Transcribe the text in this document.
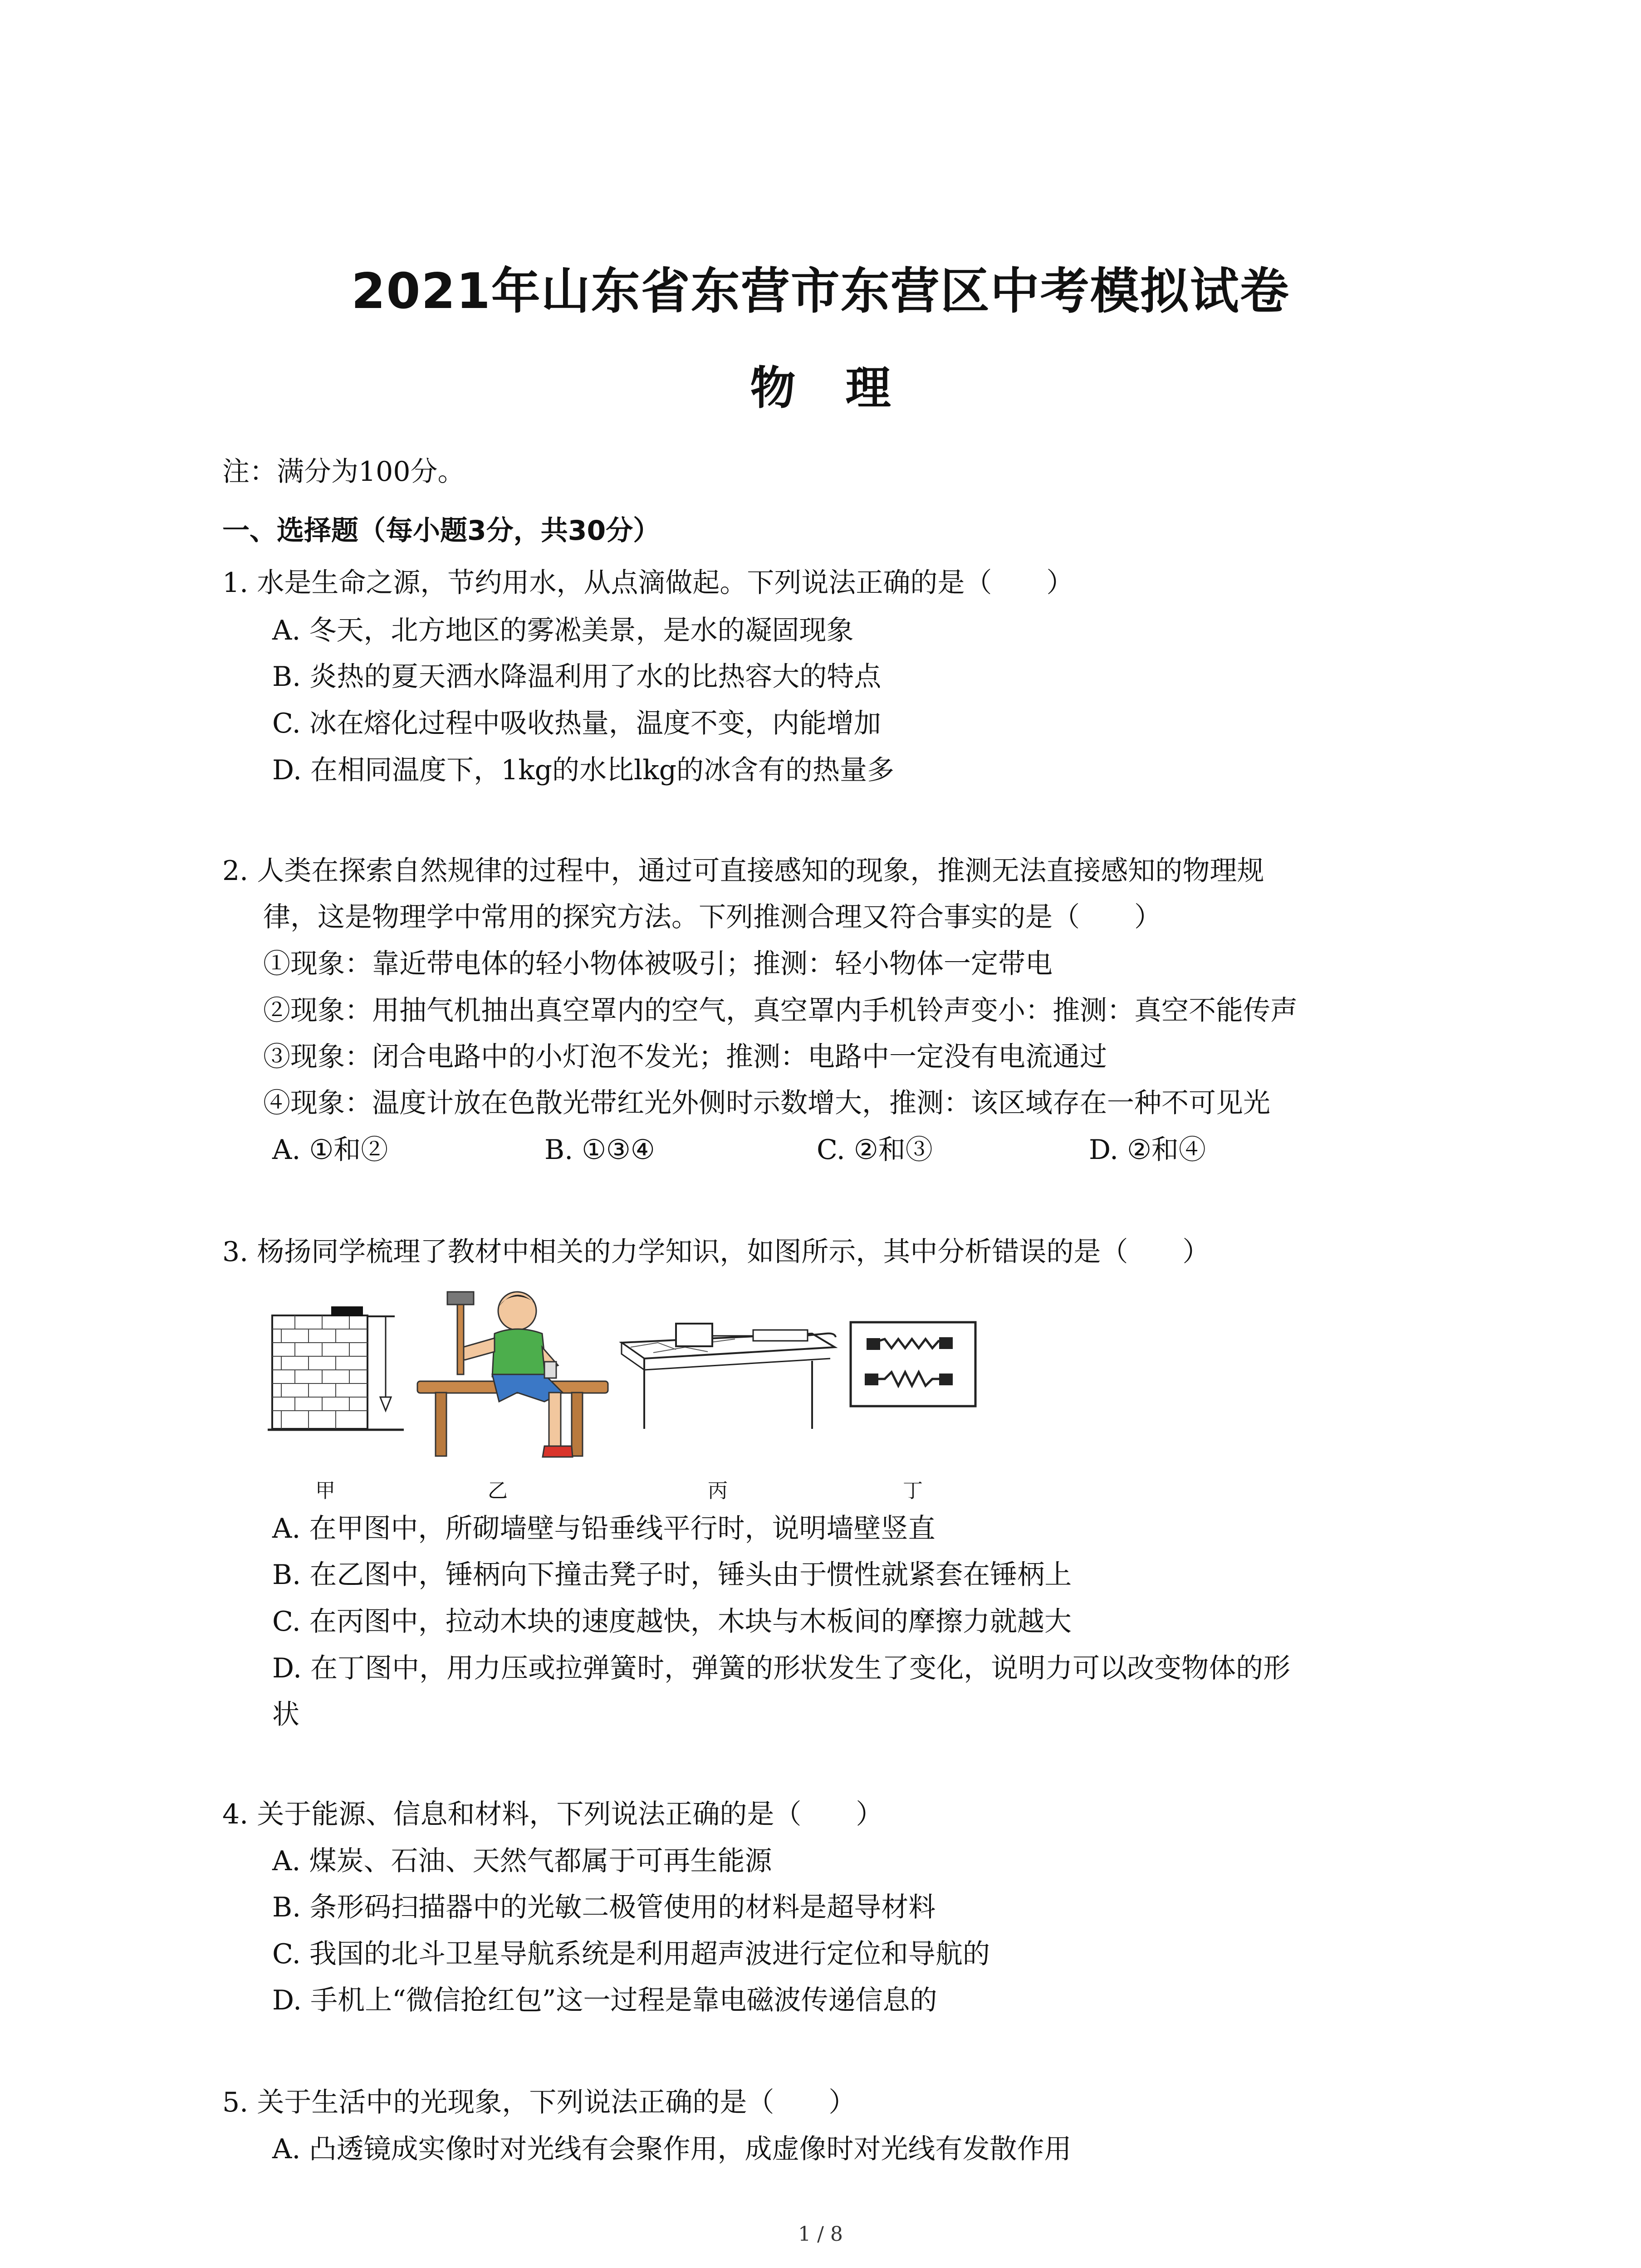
2021年山东省东营市东营区中考模拟试卷
物理
注：满分为100分。
一、选择题（每小题3分，共30分）
1. 水是生命之源，节约用水，从点滴做起。下列说法正确的是（　　）
A. 冬天，北方地区的雾凇美景，是水的凝固现象
B. 炎热的夏天洒水降温利用了水的比热容大的特点
C. 冰在熔化过程中吸收热量，温度不变，内能增加
D. 在相同温度下，1kg的水比lkg的冰含有的热量多
2. 人类在探索自然规律的过程中，通过可直接感知的现象，推测无法直接感知的物理规
律，这是物理学中常用的探究方法。下列推测合理又符合事实的是（　　）
①现象：靠近带电体的轻小物体被吸引；推测：轻小物体一定带电
②现象：用抽气机抽出真空罩内的空气，真空罩内手机铃声变小：推测：真空不能传声
③现象：闭合电路中的小灯泡不发光；推测：电路中一定没有电流通过
④现象：温度计放在色散光带红光外侧时示数增大，推测：该区域存在一种不可见光
A. ①和②	B. ①③④	C. ②和③	D. ②和④
3. 杨扬同学梳理了教材中相关的力学知识，如图所示，其中分析错误的是（　　）
甲	乙	丙	丁
A. 在甲图中，所砌墙壁与铅垂线平行时，说明墙壁竖直
B. 在乙图中，锤柄向下撞击凳子时，锤头由于惯性就紧套在锤柄上
C. 在丙图中，拉动木块的速度越快，木块与木板间的摩擦力就越大
D. 在丁图中，用力压或拉弹簧时，弹簧的形状发生了变化，说明力可以改变物体的形
状
4. 关于能源、信息和材料，下列说法正确的是（　　）
A. 煤炭、石油、天然气都属于可再生能源
B. 条形码扫描器中的光敏二极管使用的材料是超导材料
C. 我国的北斗卫星导航系统是利用超声波进行定位和导航的
D. 手机上“微信抢红包”这一过程是靠电磁波传递信息的
5. 关于生活中的光现象，下列说法正确的是（　　）
A. 凸透镜成实像时对光线有会聚作用，成虚像时对光线有发散作用
1 / 8
